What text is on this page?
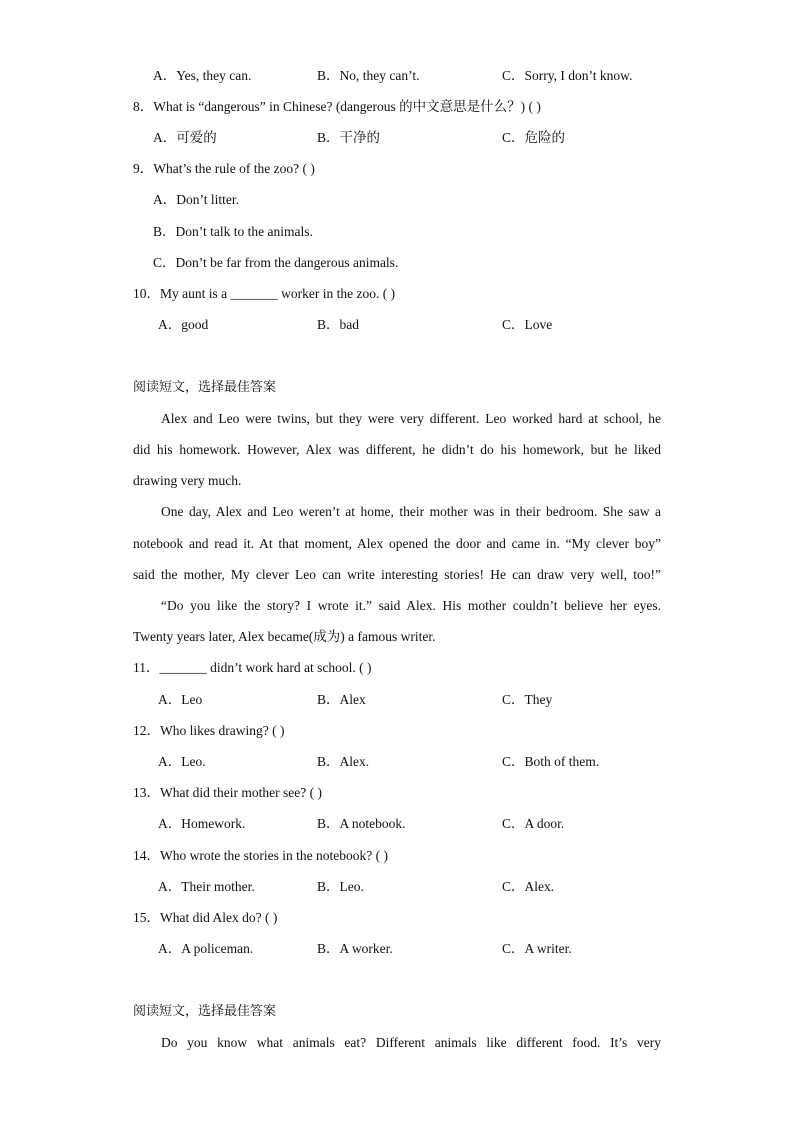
A．Yes, they can.	B．No, they can’t.	C．Sorry, I don’t know.
8．What is “dangerous” in Chinese? (dangerous 的中文意思是什么？) ( )
A．可爱的	B．干净的	C．危险的
9．What’s the rule of the zoo? ( )
A．Don’t litter.
B．Don’t talk to the animals.
C．Don’t be far from the dangerous animals.
10．My aunt is a _______ worker in the zoo. ( )
A．good	B．bad	C．Love
阅读短文，选择最佳答案
Alex and Leo were twins, but they were very different. Leo worked hard at school, he
did his homework. However, Alex was different, he didn’t do his homework, but he liked
drawing very much.
One day, Alex and Leo weren’t at home, their mother was in their bedroom. She saw a
notebook and read it. At that moment, Alex opened the door and came in. “My clever boy”
said the mother, My clever Leo can write interesting stories! He can draw very well, too!”
“Do you like the story? I wrote it.” said Alex. His mother couldn’t believe her eyes.
Twenty years later, Alex became(成为) a famous writer.
11．_______ didn’t work hard at school. ( )
A．Leo	B．Alex	C．They
12．Who likes drawing? ( )
A．Leo.	B．Alex.	C．Both of them.
13．What did their mother see? ( )
A．Homework.	B．A notebook.	C．A door.
14．Who wrote the stories in the notebook? ( )
A．Their mother.	B．Leo.	C．Alex.
15．What did Alex do? ( )
A．A policeman.	B．A worker.	C．A writer.
阅读短文，选择最佳答案
Do you know what animals eat? Different animals like different food. It’s very
